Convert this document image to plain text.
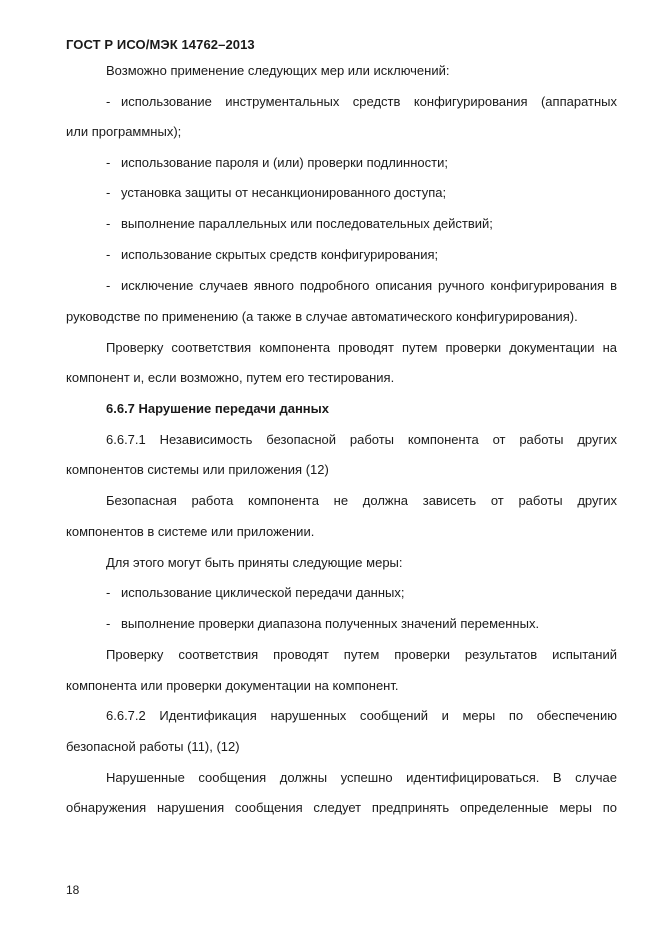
ГОСТ Р ИСО/МЭК 14762–2013
Возможно применение следующих мер или исключений:
- использование инструментальных средств конфигурирования (аппаратных
или программных);
- использование пароля и (или) проверки подлинности;
- установка защиты от несанкционированного доступа;
- выполнение параллельных или последовательных действий;
- использование скрытых средств конфигурирования;
- исключение случаев явного подробного описания ручного конфигурирования в
руководстве по применению (а также в случае автоматического конфигурирования).
Проверку соответствия компонента проводят путем проверки документации на
компонент и, если возможно, путем его тестирования.
6.6.7 Нарушение передачи данных
6.6.7.1 Независимость безопасной работы компонента от работы других
компонентов системы или приложения (12)
Безопасная работа компонента не должна зависеть от работы других
компонентов в системе или приложении.
Для этого могут быть приняты следующие меры:
- использование циклической передачи данных;
- выполнение проверки диапазона полученных значений переменных.
Проверку соответствия проводят путем проверки результатов испытаний
компонента или проверки документации на компонент.
6.6.7.2 Идентификация нарушенных сообщений и меры по обеспечению
безопасной работы (11), (12)
Нарушенные сообщения должны успешно идентифицироваться. В случае
обнаружения нарушения сообщения следует предпринять определенные меры по
18
